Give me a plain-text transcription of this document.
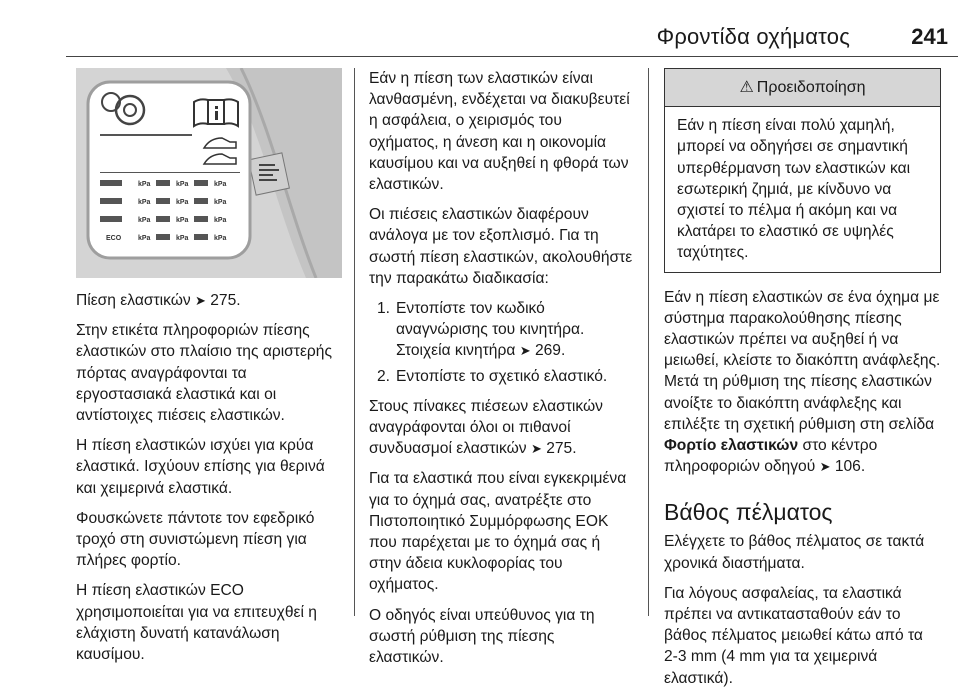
Φροντίδα οχήματος	241
kPa	kPa	kPa
kPa	kPa	kPa
kPa	kPa	kPa
ECO kPa	kPa	kPa

Πίεση ελαστικών ➤ 275.

Στην ετικέτα πληροφοριών πίεσης ελαστικών στο πλαίσιο της αριστερής πόρτας αναγράφονται τα εργοστασιακά ελαστικά και οι αντίστοιχες πιέσεις ελαστικών.

Η πίεση ελαστικών ισχύει για κρύα ελαστικά. Ισχύουν επίσης για θερινά και χειμερινά ελαστικά.

Φουσκώνετε πάντοτε τον εφεδρικό τροχό στη συνιστώμενη πίεση για πλήρες φορτίο.

Η πίεση ελαστικών ECO χρησιμοποιείται για να επιτευχθεί η ελάχιστη δυνατή κατανάλωση καυσίμου.

Εάν η πίεση των ελαστικών είναι λανθασμένη, ενδέχεται να διακυβευτεί η ασφάλεια, ο χειρισμός του οχήματος, η άνεση και η οικονομία καυσίμου και να αυξηθεί η φθορά των ελαστικών.

Οι πιέσεις ελαστικών διαφέρουν ανάλογα με τον εξοπλισμό. Για τη σωστή πίεση ελαστικών, ακολουθήστε την παρακάτω διαδικασία:

1. Εντοπίστε τον κωδικό αναγνώρισης του κινητήρα. Στοιχεία κινητήρα ➤ 269.
2. Εντοπίστε το σχετικό ελαστικό.

Στους πίνακες πιέσεων ελαστικών αναγράφονται όλοι οι πιθανοί συνδυασμοί ελαστικών ➤ 275.

Για τα ελαστικά που είναι εγκεκριμένα για το όχημά σας, ανατρέξτε στο Πιστοποιητικό Συμμόρφωσης ΕΟΚ που παρέχεται με το όχημά σας ή στην άδεια κυκλοφορίας του οχήματος.

Ο οδηγός είναι υπεύθυνος για τη σωστή ρύθμιση της πίεσης ελαστικών.

⚠ Προειδοποίηση
Εάν η πίεση είναι πολύ χαμηλή, μπορεί να οδηγήσει σε σημαντική υπερθέρμανση των ελαστικών και εσωτερική ζημιά, με κίνδυνο να σχιστεί το πέλμα ή ακόμη και να κλατάρει το ελαστικό σε υψηλές ταχύτητες.

Εάν η πίεση ελαστικών σε ένα όχημα με σύστημα παρακολούθησης πίεσης ελαστικών πρέπει να αυξηθεί ή να μειωθεί, κλείστε το διακόπτη ανάφλεξης. Μετά τη ρύθμιση της πίεσης ελαστικών ανοίξτε το διακόπτη ανάφλεξης και επιλέξτε τη σχετική ρύθμιση στη σελίδα Φορτίο ελαστικών στο κέντρο πληροφοριών οδηγού ➤ 106.

Βάθος πέλματος

Ελέγχετε το βάθος πέλματος σε τακτά χρονικά διαστήματα.

Για λόγους ασφαλείας, τα ελαστικά πρέπει να αντικατασταθούν εάν το βάθος πέλματος μειωθεί κάτω από τα 2-3 mm (4 mm για τα χειμερινά ελαστικά).
